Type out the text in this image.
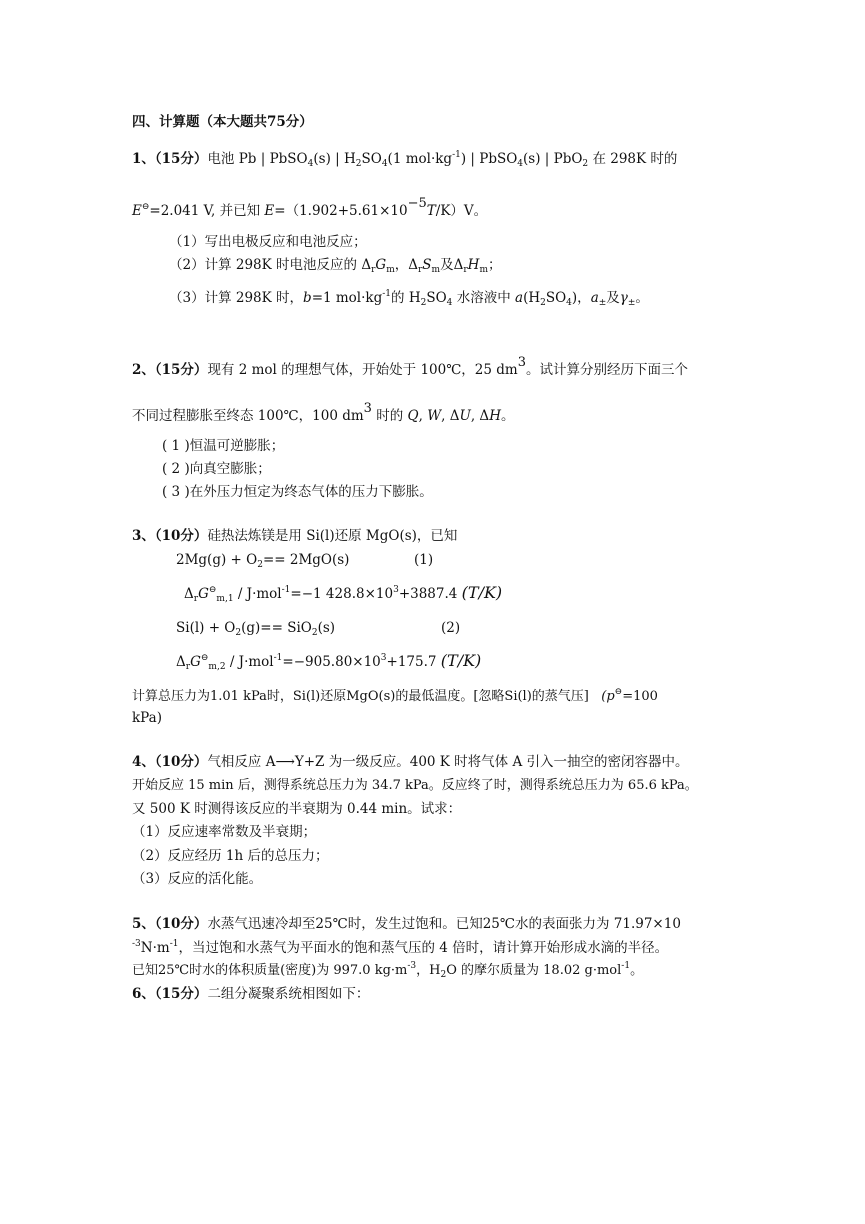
四、计算题（本大题共75分）
1、（15分）电池 Pb | PbSO$_4$(s) | $H_2SO_4(1$ $mol\cdot kg^{-1}$) | PbSO$_4$(s) | PbO$_2$ 在 298K 时的
E⊖=2.041 V, 并已知 $E=(1.902+5.61\times 10^{-5}T/K)V$。
（1）写出电极反应和电池反应；
（2）计算 298K 时电池反应的 $\Delta_rG_m$，$\Delta_rS_m$及$\Delta_rH_m$；
（3）计算 298K 时，b=1 $mol\cdot kg^{-1}$的 $H_2SO_4$ 水溶液中 $a(H_2SO_4)$，$a_\pm$及$\gamma_\pm$。
2、（15分）现有 2 mol 的理想气体，开始处于 100℃，25 $dm^3$。试计算分别经历下面三个
不同过程膨胀至终态 100℃，100 $dm^3$ 时的 Q, W, ΔU, ΔH。
( 1 )恒温可逆膨胀；
( 2 )向真空膨胀；
( 3 )在外压力恒定为终态气体的压力下膨胀。
3、（10分）硅热法炼镁是用 Si(l)还原 MgO(s)，已知
$2Mg(g) + O_2== 2MgO(s)$	(1)
$\Delta_rG^⊖_{m,1} / J\cdot mol^{-1}=-1$ $428.8\times 10^3+3887.4$ (T/K)
$Si(l) + O_2(g)== SiO_2(s)$	(2)
$\Delta_rG^⊖_{m,2} / J\cdot mol^{-1}=-905.80\times 10^3+175.7$ (T/K)
计算总压力为1.01 kPa时，Si(l)还原MgO(s)的最低温度。[忽略Si(l)的蒸气压] (p⊖=100
kPa)
4、（10分）气相反应 A⟶Y+Z 为一级反应。400 K 时将气体 A 引入一抽空的密闭容器中。
开始反应 15 min 后，测得系统总压力为 34.7 kPa。反应终了时，测得系统总压力为 65.6 kPa。
又 500 K 时测得该反应的半衰期为 0.44 min。试求：
（1）反应速率常数及半衰期；
（2）反应经历 1h 后的总压力；
（3）反应的活化能。
5、（10分）水蒸气迅速冷却至25℃时，发生过饱和。已知25℃水的表面张力为 71.97×10
$^{-3}N\cdot m^{-1}$，当过饱和水蒸气为平面水的饱和蒸气压的 4 倍时，请计算开始形成水滴的半径。
已知25℃时水的体积质量(密度)为 997.0 $kg\cdot m^{-3}$，$H_2O$ 的摩尔质量为 18.02 g·mol$^{-1}$。
6、（15分）二组分凝聚系统相图如下：
